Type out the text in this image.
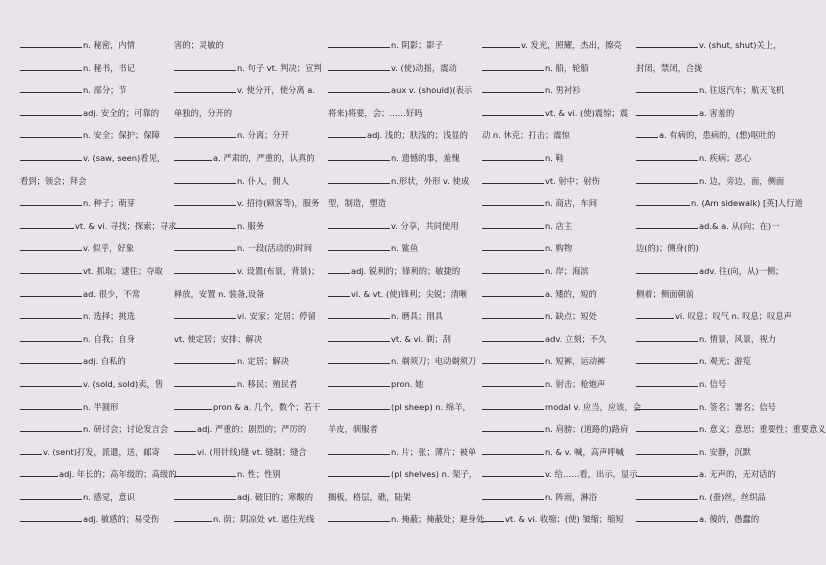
n. 秘密，内情
n. 秘书，书记
n. 部分；节
adj. 安全的；可靠的
n. 安全；保护；保障
v. (saw, seen)看见，
看到；领会；拜会
n. 种子；萌芽
vt. & vi. 寻找；探索；寻求
v. 似乎，好象
vt. 抓取；逮住；夺取
ad. 很少，不常
n. 选择；挑选
n. 自我；自身
adj. 自私的
v. (sold, sold)卖，售
n. 半圆形
n. 研讨会；讨论发言会
v. (sent)打发，派遣，送，邮寄
adj. 年长的；高年级的；高级的
n. 感觉，意识
adj. 敏感的；易受伤
害的；灵敏的
n. 句子 vt. 判决；宣判
v. 使分开，使分离 a.
单独的，分开的
n. 分离；分开
a. 严肃的，严重的，认真的
n. 仆人，佣人
v. 招待(顾客等)，服务
n. 服务
n. 一段(活动的)时间
v. 设置(布景，背景)；
释放，安置 n. 装备,设备
vi. 安家；定居；停留
vt. 使定居；安排；解决
n. 定居；解决
n. 移民；殖民者
pron & a. 几个，数个；若干
adj. 严重的；剧烈的；严厉的
vi. (用针线)缝 vt. 缝制；缝合
n. 性；性别
adj. 破旧的；寒酸的
n. 荫；阴凉处 vt. 遮住光线
n. 阴影；影子
v. (使)动摇，震动
aux v. (should)(表示
将来)将要，会；……好吗
adj. 浅的；肤浅的；浅显的
n. 遗憾的事，羞愧
n.形状，外形 v. 使成
型，制造，塑造
v. 分享，共同使用
n. 鲨鱼
adj. 锐利的；锋利的；敏捷的
vi. & vt. (使)锋利；尖锐；清晰
n. 磨具；削具
vt. & vi. 剃；刮
n. 剃须刀；电动剃须刀
pron. 她
(pl sheep) n. 绵羊，
羊皮，驯服者
n. 片；张；薄片；被单
(pl shelves) n. 架子，
搁板，格层，礁，陆架
n. 掩蔽；掩蔽处；避身处
v. 发光，照耀，杰出，擦亮
n. 船，轮船
n. 男衬衫
vt. & vi. (使)震惊；震
动 n. 休克；打击；震惊
n. 鞋
vt. 射中；射伤
n. 商店，车间
n. 店主
n. 购物
n. 岸；海滨
a. 矮的，短的
n. 缺点；短处
adv. 立刻；不久
n. 短裤，运动裤
n. 射击；枪炮声
modal v. 应当，应该，会
n. 肩膀；(道路的)路肩
n. & v. 喊，高声呼喊
v. 给……看，出示，显示
n. 阵雨，淋浴
vt. & vi. 收缩；(使) 皱缩；缩短
v. (shut, shut)关上，
封闭，禁闭，合拢
n. 往返汽车；航天飞机
a. 害羞的
a. 有病的，患病的，(想)呕吐的
n. 疾病；恶心
n. 边，旁边，面，侧面
n. (Am sidewalk) [英]人行道
ad.& a. 从(向；在)一
边(的)；侧身(的)
adv. 往(向，从)一侧；
侧着；侧面朝前
vi. 叹息；叹气 n. 叹息；叹息声
n. 情景，风景，视力
n. 观光；游览
n. 信号
n. 签名；署名；信号
n. 意义；意思；重要性；重要意义
n. 安静，沉默
a. 无声的，无对话的
n. (蚕)丝，丝织品
a. 傻的，愚蠢的
